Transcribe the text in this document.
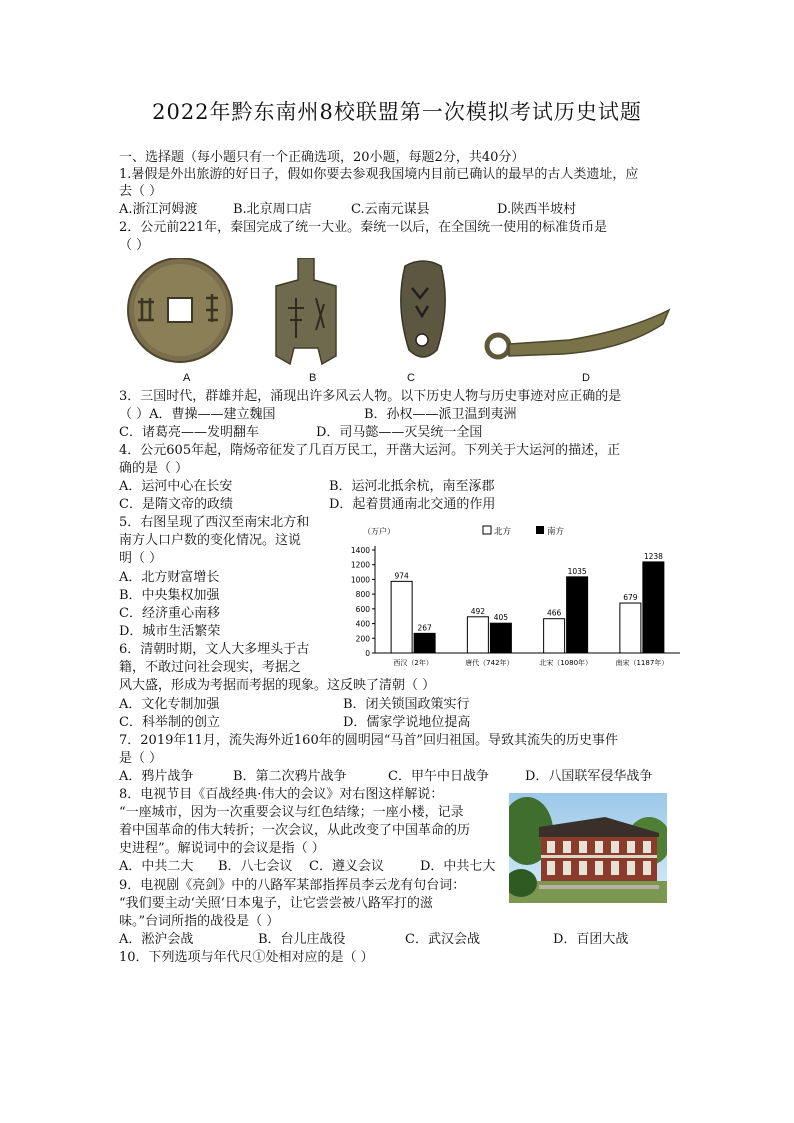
2022年黔东南州8校联盟第一次模拟考试历史试题
一、选择题（每小题只有一个正确选项，20小题，每题2分，共40分）
1.暑假是外出旅游的好日子，假如你要去参观我国境内目前已确认的最早的古人类遗址，应
去（ ）
A.浙江河姆渡	B.北京周口店	C.云南元谋县	D.陕西半坡村
2．公元前221年，秦国完成了统一大业。秦统一以后，在全国统一使用的标准货币是
（ ）
A	B	C	D
3．三国时代，群雄并起，涌现出许多风云人物。以下历史人物与历史事迹对应正确的是
（ ）A．曹操——建立魏国	B．孙权——派卫温到夷洲
C．诸葛亮——发明翻车	D．司马懿——灭吴统一全国
4．公元605年起，隋炀帝征发了几百万民工，开凿大运河。下列关于大运河的描述，正
确的是（ ）
A．运河中心在长安	B．运河北抵余杭，南至涿郡
C．是隋文帝的政绩	D．起着贯通南北交通的作用
5．右图呈现了西汉至南宋北方和
南方人口户数的变化情况。这说
明（ ）
A．北方财富增长
B．中央集权加强
C．经济重心南移
D．城市生活繁荣
（万户）	北方	南方
0
200
400
600
800
1000
1200
1400
974
267
西汉（2年）
492
405
唐代（742年）
466
1035
北宋（1080年）
679
1238
南宋（1187年）
6．清朝时期，文人大多埋头于古
籍，不敢过问社会现实，考据之
风大盛，形成为考据而考据的现象。这反映了清朝（ ）
A．文化专制加强	B．闭关锁国政策实行
C．科举制的创立	D．儒家学说地位提高
7．2019年11月，流失海外近160年的圆明园“马首”回归祖国。导致其流失的历史事件
是（ ）
A．鸦片战争	B．第二次鸦片战争	C．甲午中日战争	D．八国联军侵华战争
8．电视节目《百战经典·伟大的会议》对右图这样解说：
“一座城市，因为一次重要会议与红色结缘；一座小楼，记录
着中国革命的伟大转折；一次会议，从此改变了中国革命的历
史进程”。解说词中的会议是指（ ）
A．中共二大 B．八七会议 C．遵义会议	D．中共七大
9．电视剧《亮剑》中的八路军某部指挥员李云龙有句台词：
“我们要主动‘关照’日本鬼子，让它尝尝被八路军打的滋
味。”台词所指的战役是（ ）
A．淞沪会战	B．台儿庄战役	C．武汉会战	D．百团大战
10．下列选项与年代尺①处相对应的是（ ）
